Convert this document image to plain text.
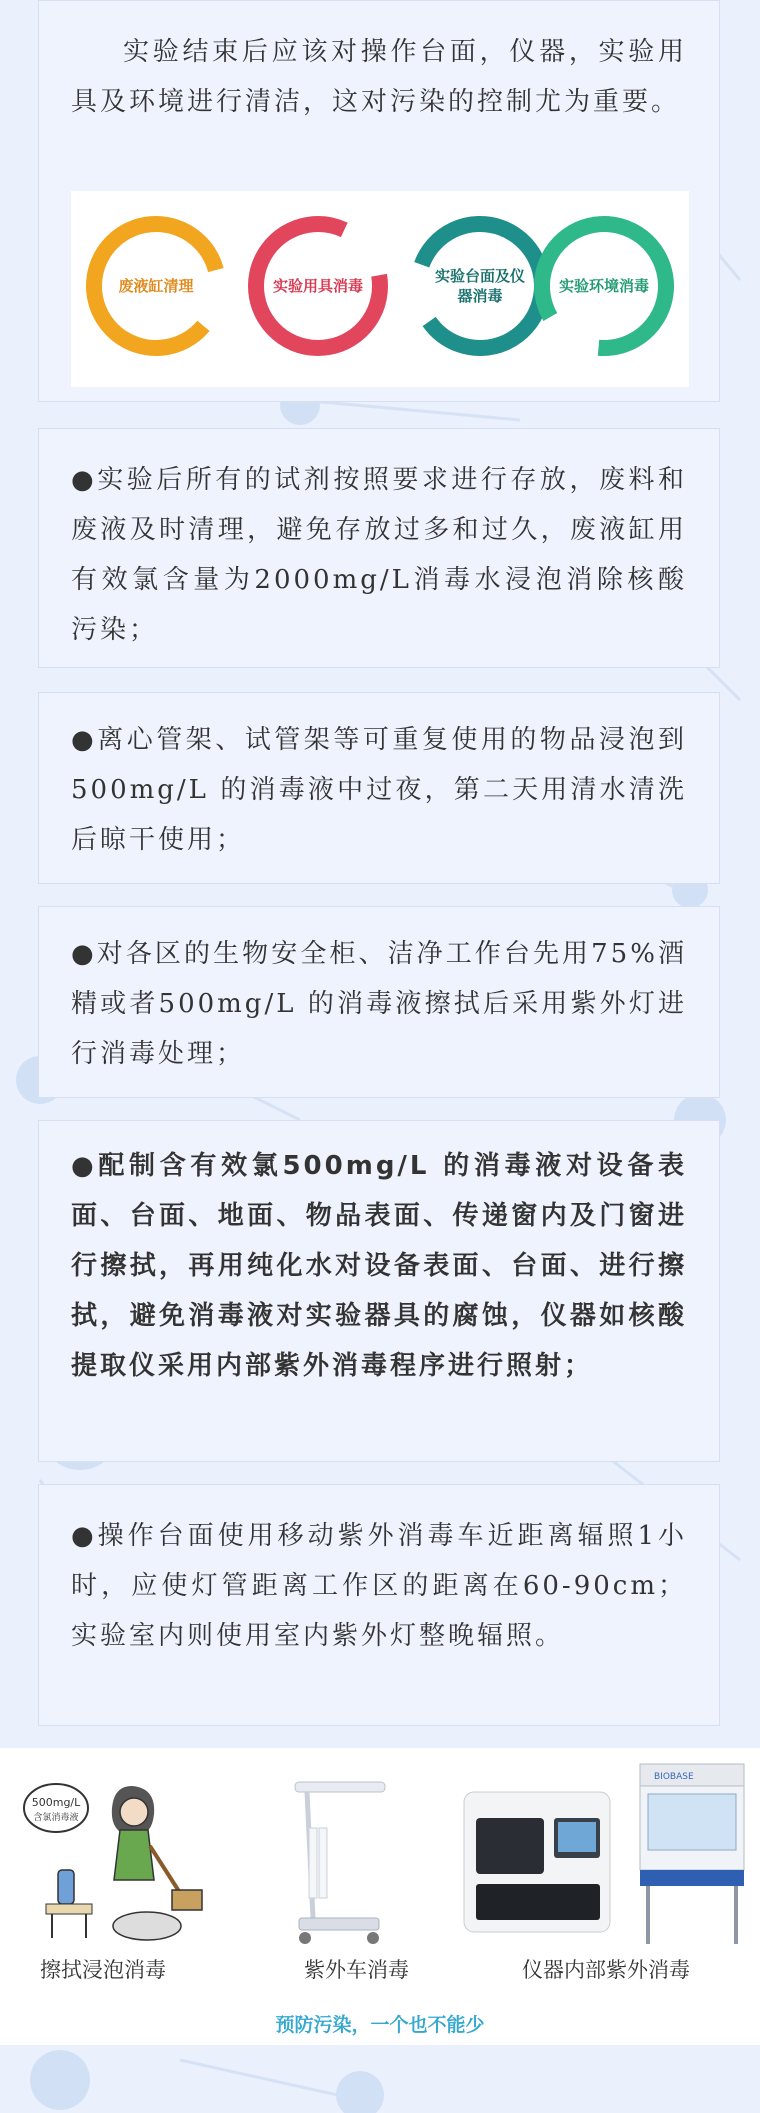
实验结束后应该对操作台面，仪器，实验用具及环境进行清洁，这对污染的控制尤为重要。

废液缸清理	实验用具消毒
实验台面及仪器消毒
实验环境消毒

●实验后所有的试剂按照要求进行存放，废料和废液及时清理，避免存放过多和过久，废液缸用有效氯含量为2000mg/L消毒水浸泡消除核酸污染；

●离心管架、试管架等可重复使用的物品浸泡到500mg/L 的消毒液中过夜，第二天用清水清洗后晾干使用；

●对各区的生物安全柜、洁净工作台先用75%酒精或者500mg/L 的消毒液擦拭后采用紫外灯进行消毒处理；

●配制含有效氯500mg/L 的消毒液对设备表面、台面、地面、物品表面、传递窗内及门窗进行擦拭，再用纯化水对设备表面、台面、进行擦拭，避免消毒液对实验器具的腐蚀，仪器如核酸提取仪采用内部紫外消毒程序进行照射；

●操作台面使用移动紫外消毒车近距离辐照1小时，应使灯管距离工作区的距离在60-90cm；实验室内则使用室内紫外灯整晚辐照。

500mg/L
含氯消毒液
BIOBASE
擦拭浸泡消毒	紫外车消毒	仪器内部紫外消毒
预防污染，一个也不能少
